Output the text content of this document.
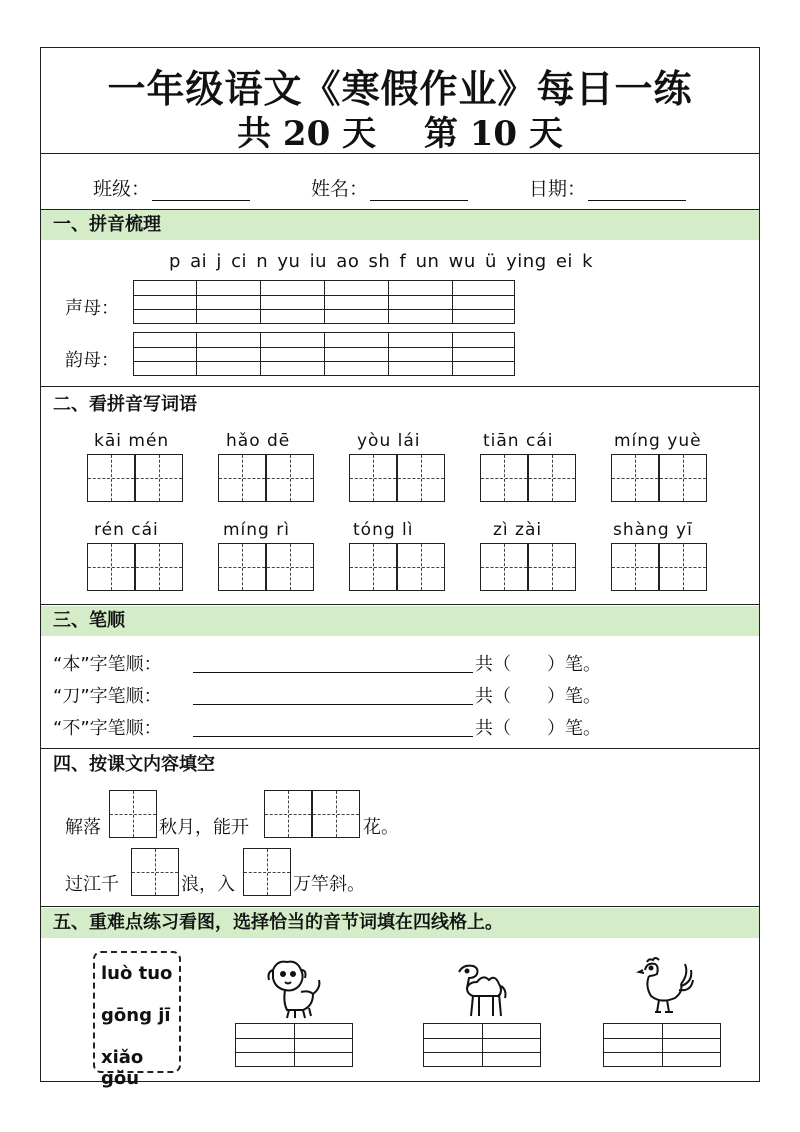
一年级语文《寒假作业》每日一练
共 20 天 第 10 天
班级：	姓名：	日期：
一、拼音梳理
p ai j ci n yu iu ao sh f un wu ü ying ei k
声母：
韵母：
二、看拼音写词语
kāi mén	hǎo dē	yòu lái	tiān cái	míng yuè
rén cái	míng rì	tóng lì	zì zài	shàng yī
三、笔顺
“本”字笔顺：	共（　　）笔。
“刀”字笔顺：	共（　　）笔。
“不”字笔顺：	共（　　）笔。
四、按课文内容填空
解落	秋月，能开	花。
过江千	浪，入	万竿斜。
五、重难点练习看图，选择恰当的音节词填在四线格上。
luò tuo
gōng jī
xiǎo gǒu
